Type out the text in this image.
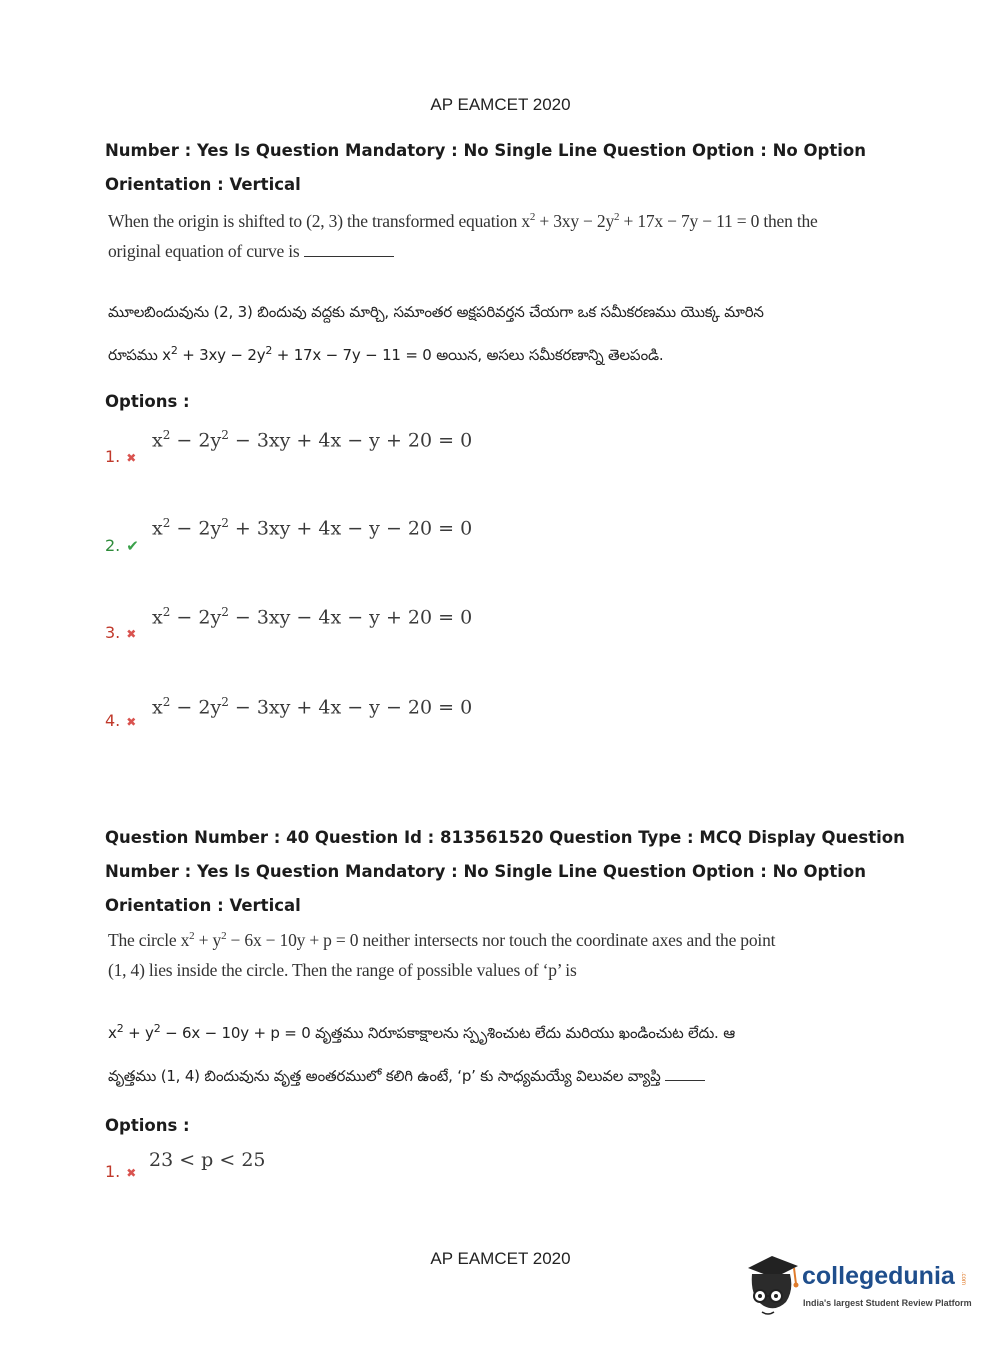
AP EAMCET 2020
Number : Yes Is Question Mandatory : No Single Line Question Option : No Option
Orientation : Vertical
When the origin is shifted to (2, 3) the transformed equation $x^2 + 3xy - 2y^2 + 17x - 7y - 11 = 0$ then the
original equation of curve is
మూలబిందువును (2, 3) బిందువు వద్దకు మార్చి, సమాంతర అక్షపరివర్తన చేయగా ఒక సమీకరణము యొక్క మారిన
రూపము $x^2 + 3xy - 2y^2 + 17x - 7y - 11 = 0$ అయిన, అసలు సమీకరణాన్ని తెలపండి.
Options :
1. ✖
$x^2 - 2y^2 - 3xy + 4x - y + 20 = 0$
2. ✔
$x^2 - 2y^2 + 3xy + 4x - y - 20 = 0$
3. ✖
$x^2 - 2y^2 - 3xy - 4x - y + 20 = 0$
4. ✖
$x^2 - 2y^2 - 3xy + 4x - y - 20 = 0$
Question Number : 40 Question Id : 813561520 Question Type : MCQ Display Question
Number : Yes Is Question Mandatory : No Single Line Question Option : No Option
Orientation : Vertical
The circle $x^2 + y^2 - 6x - 10y + p = 0$ neither intersects nor touch the coordinate axes and the point
(1, 4) lies inside the circle. Then the range of possible values of ‘p’ is
$x^2 + y^2 - 6x - 10y + p = 0$ వృత్తము నిరూపకాక్షాలను స్పృశించుట లేదు మరియు ఖండించుట లేదు. ఆ
వృత్తము (1, 4) బిందువును వృత్త అంతరములో కలిగి ఉంటే, ‘p’ కు సాధ్యమయ్యే విలువల వ్యాప్తి
Options :
1. ✖
23 < p < 25
AP EAMCET 2020
collegedunia .com
India's largest Student Review Platform
